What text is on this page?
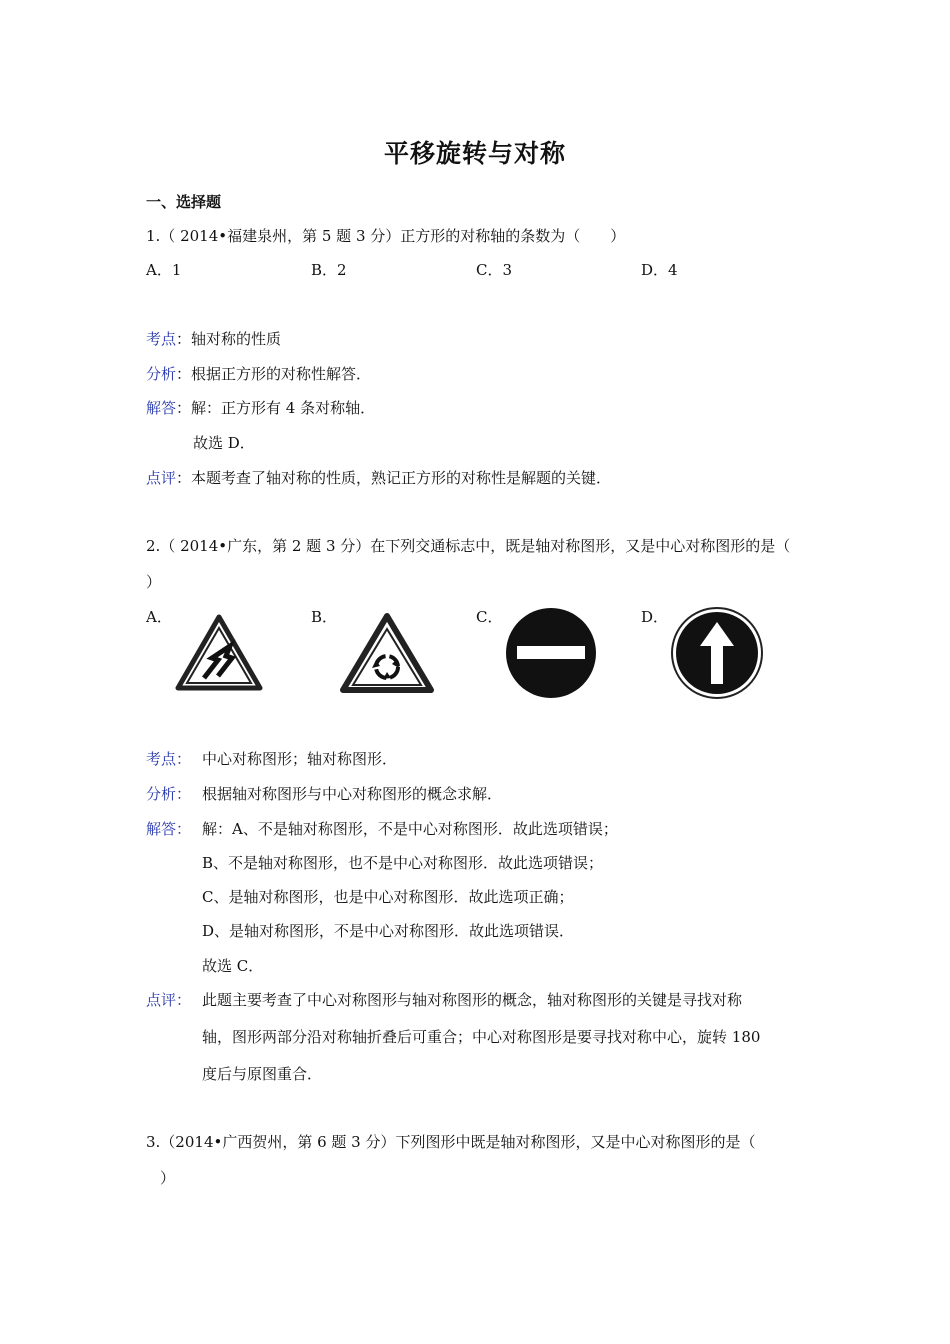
平移旋转与对称
一、选择题
1.（ 2014•福建泉州，第 5 题 3 分）正方形的对称轴的条数为（　　）
A．1	B．2	C．3	D．4
考点：轴对称的性质
分析：根据正方形的对称性解答．
解答：解：正方形有 4 条对称轴．
故选 D．
点评：本题考查了轴对称的性质，熟记正方形的对称性是解题的关键．
2.（ 2014•广东，第 2 题 3 分）在下列交通标志中，既是轴对称图形，又是中心对称图形的是（
）
A．	B．	C．	D．
考点： 中心对称图形；轴对称图形．
分析： 根据轴对称图形与中心对称图形的概念求解．
解答： 解：A、不是轴对称图形，不是中心对称图形．故此选项错误；
B、不是轴对称图形，也不是中心对称图形．故此选项错误；
C、是轴对称图形，也是中心对称图形．故此选项正确；
D、是轴对称图形，不是中心对称图形．故此选项错误．
故选 C．
点评： 此题主要考查了中心对称图形与轴对称图形的概念，轴对称图形的关键是寻找对称
轴，图形两部分沿对称轴折叠后可重合；中心对称图形是要寻找对称中心，旋转 180
度后与原图重合．
3.（2014•广西贺州，第 6 题 3 分）下列图形中既是轴对称图形，又是中心对称图形的是（
）
